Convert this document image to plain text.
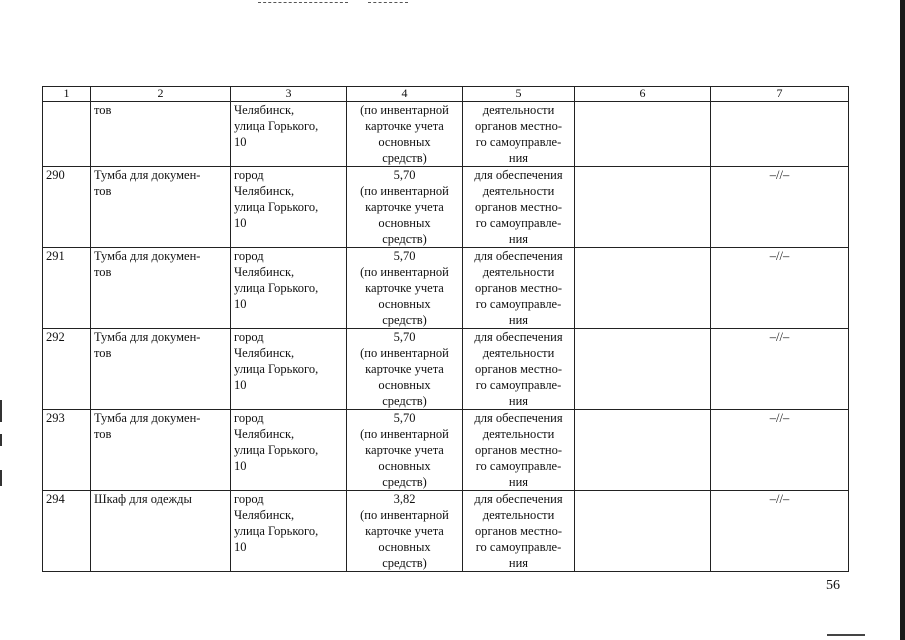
1	2	3	4	5	6	7

	тов	Челябинск,
улица Горького,
10	(по инвентарной
карточке учета
основных
средств)	деятельности
органов местно-
го самоуправле-
ния		

290	Тумба для докумен-
тов	город
Челябинск,
улица Горького,
10	5,70
(по инвентарной
карточке учета
основных
средств)	для обеспечения
деятельности
органов местно-
го самоуправле-
ния		–//–
291	Тумба для докумен-
тов	город
Челябинск,
улица Горького,
10	5,70
(по инвентарной
карточке учета
основных
средств)	для обеспечения
деятельности
органов местно-
го самоуправле-
ния		–//–
292	Тумба для докумен-
тов	город
Челябинск,
улица Горького,
10	5,70
(по инвентарной
карточке учета
основных
средств)	для обеспечения
деятельности
органов местно-
го самоуправле-
ния		–//–
293	Тумба для докумен-
тов	город
Челябинск,
улица Горького,
10	5,70
(по инвентарной
карточке учета
основных
средств)	для обеспечения
деятельности
органов местно-
го самоуправле-
ния		–//–
294	Шкаф для одежды	город
Челябинск,
улица Горького,
10	3,82
(по инвентарной
карточке учета
основных
средств)	для обеспечения
деятельности
органов местно-
го самоуправле-
ния		–//–
56
